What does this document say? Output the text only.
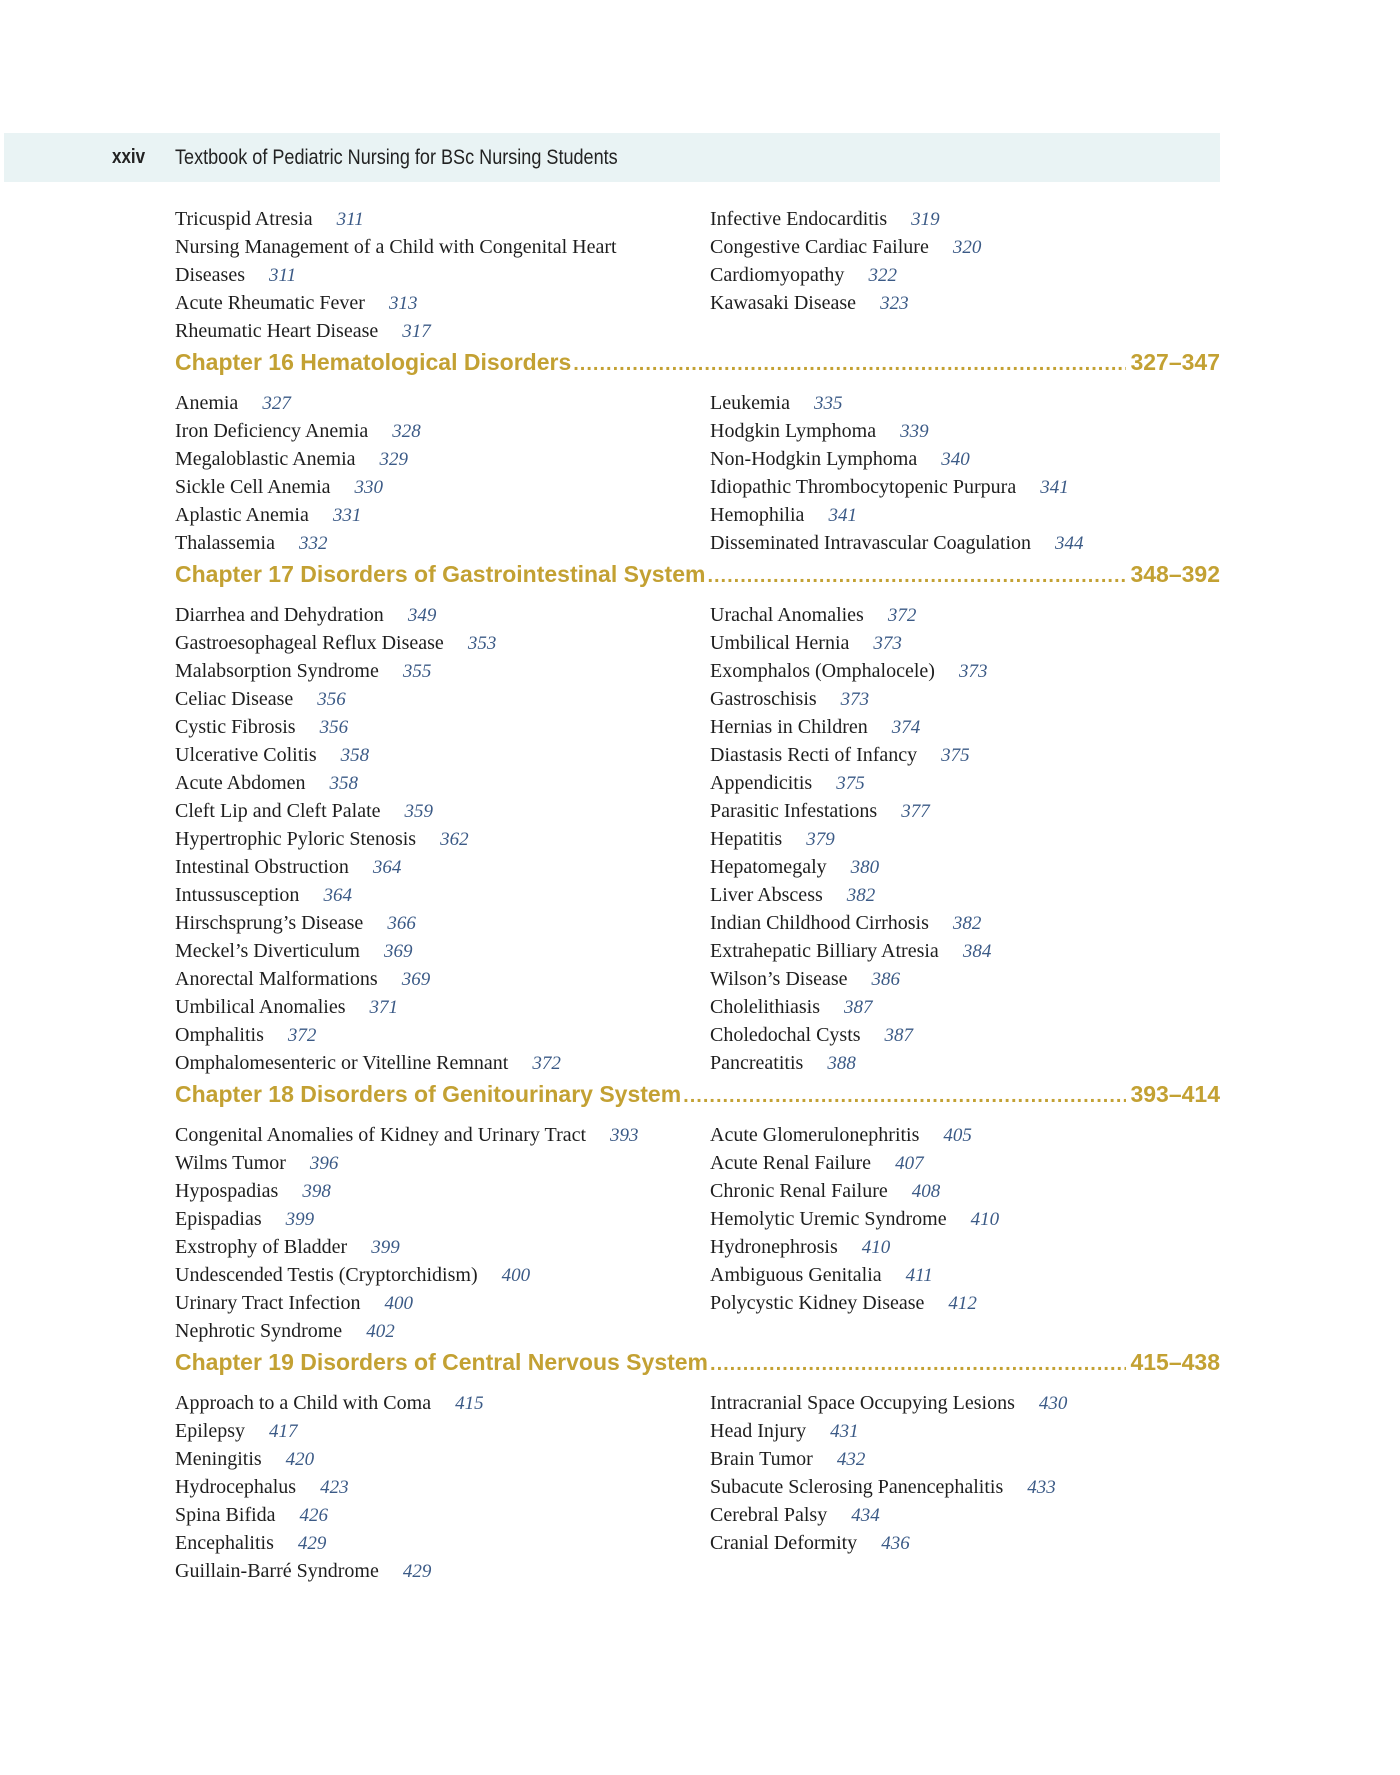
xxiv Textbook of Pediatric Nursing for BSc Nursing Students
Tricuspid Atresia 311
Nursing Management of a Child with Congenital Heart
Diseases 311
Acute Rheumatic Fever 313
Rheumatic Heart Disease 317
Infective Endocarditis 319
Congestive Cardiac Failure 320
Cardiomyopathy 322
Kawasaki Disease 323
Chapter 16 Hematological Disorders .....	327–347
Anemia 327
Iron Deficiency Anemia 328
Megaloblastic Anemia 329
Sickle Cell Anemia 330
Aplastic Anemia 331
Thalassemia 332
Leukemia 335
Hodgkin Lymphoma 339
Non-Hodgkin Lymphoma 340
Idiopathic Thrombocytopenic Purpura 341
Hemophilia 341
Disseminated Intravascular Coagulation 344
Chapter 17 Disorders of Gastrointestinal System .....	348–392
Diarrhea and Dehydration 349
Gastroesophageal Reflux Disease 353
Malabsorption Syndrome 355
Celiac Disease 356
Cystic Fibrosis 356
Ulcerative Colitis 358
Acute Abdomen 358
Cleft Lip and Cleft Palate 359
Hypertrophic Pyloric Stenosis 362
Intestinal Obstruction 364
Intussusception 364
Hirschsprung’s Disease 366
Meckel’s Diverticulum 369
Anorectal Malformations 369
Umbilical Anomalies 371
Omphalitis 372
Omphalomesenteric or Vitelline Remnant 372
Urachal Anomalies 372
Umbilical Hernia 373
Exomphalos (Omphalocele) 373
Gastroschisis 373
Hernias in Children 374
Diastasis Recti of Infancy 375
Appendicitis 375
Parasitic Infestations 377
Hepatitis 379
Hepatomegaly 380
Liver Abscess 382
Indian Childhood Cirrhosis 382
Extrahepatic Billiary Atresia 384
Wilson’s Disease 386
Cholelithiasis 387
Choledochal Cysts 387
Pancreatitis 388
Chapter 18 Disorders of Genitourinary System .....	393–414
Congenital Anomalies of Kidney and Urinary Tract 393
Wilms Tumor 396
Hypospadias 398
Epispadias 399
Exstrophy of Bladder 399
Undescended Testis (Cryptorchidism) 400
Urinary Tract Infection 400
Nephrotic Syndrome 402
Acute Glomerulonephritis 405
Acute Renal Failure 407
Chronic Renal Failure 408
Hemolytic Uremic Syndrome 410
Hydronephrosis 410
Ambiguous Genitalia 411
Polycystic Kidney Disease 412
Chapter 19 Disorders of Central Nervous System .....	415–438
Approach to a Child with Coma 415
Epilepsy 417
Meningitis 420
Hydrocephalus 423
Spina Bifida 426
Encephalitis 429
Guillain-Barré Syndrome 429
Intracranial Space Occupying Lesions 430
Head Injury 431
Brain Tumor 432
Subacute Sclerosing Panencephalitis 433
Cerebral Palsy 434
Cranial Deformity 436
